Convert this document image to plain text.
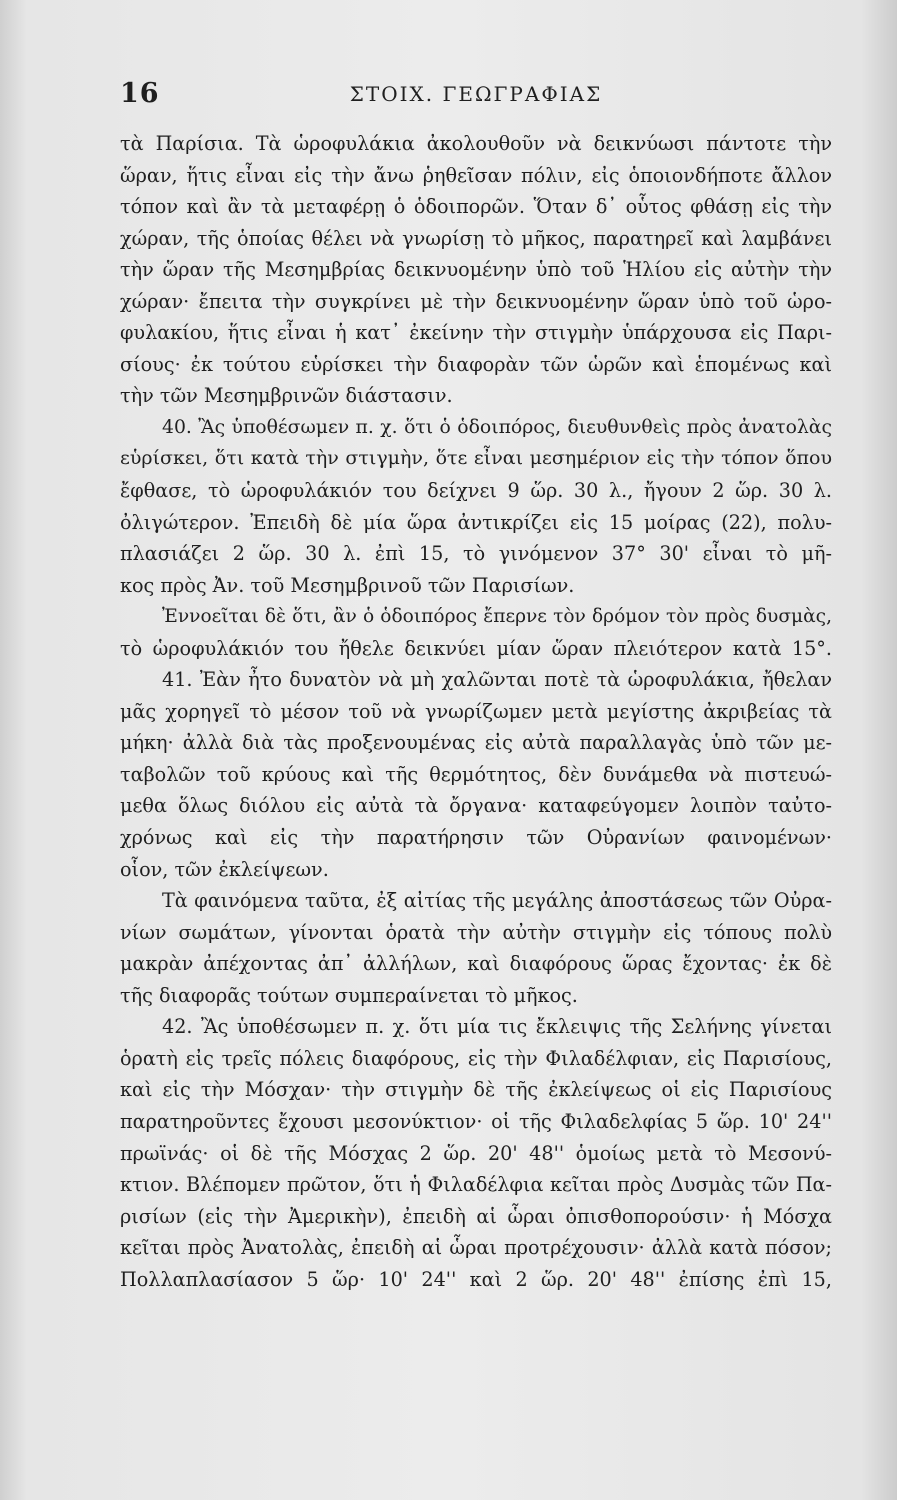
16	ΣΤΟΙΧ. ΓΕΩΓΡΑΦΙΑΣ
τὰ Παρίσια. Τὰ ὡροφυλάκια ἀκολουθοῦν νὰ δεικνύωσι πάντοτε τὴν
ὥραν, ἥτις εἶναι εἰς τὴν ἄνω ῥηθεῖσαν πόλιν, εἰς ὁποιονδήποτε ἄλλον
τόπον καὶ ἂν τὰ μεταφέρῃ ὁ ὁδοιπορῶν. Ὅταν δ᾽ οὗτος φθάσῃ εἰς τὴν
χώραν, τῆς ὁποίας θέλει νὰ γνωρίσῃ τὸ μῆκος, παρατηρεῖ καὶ λαμβάνει
τὴν ὥραν τῆς Μεσημβρίας δεικνυομένην ὑπὸ τοῦ Ἡλίου εἰς αὐτὴν τὴν
χώραν· ἔπειτα τὴν συγκρίνει μὲ τὴν δεικνυομένην ὥραν ὑπὸ τοῦ ὡρο-
φυλακίου, ἥτις εἶναι ἡ κατ᾽ ἐκείνην τὴν στιγμὴν ὑπάρχουσα εἰς Παρι-
σίους· ἐκ τούτου εὑρίσκει τὴν διαφορὰν τῶν ὡρῶν καὶ ἑπομένως καὶ
τὴν τῶν Μεσημβρινῶν διάστασιν.
40. Ἂς ὑποθέσωμεν π. χ. ὅτι ὁ ὁδοιπόρος, διευθυνθεὶς πρὸς ἀνατολὰς
εὑρίσκει, ὅτι κατὰ τὴν στιγμὴν, ὅτε εἶναι μεσημέριον εἰς τὴν τόπον ὅπου
ἔφθασε, τὸ ὡροφυλάκιόν του δείχνει 9 ὥρ. 30 λ., ἤγουν 2 ὥρ. 30 λ.
ὀλιγώτερον. Ἐπειδὴ δὲ μία ὥρα ἀντικρίζει εἰς 15 μοίρας (22), πολυ-
πλασιάζει 2 ὥρ. 30 λ. ἐπὶ 15, τὸ γινόμενον 37° 30' εἶναι τὸ μῆ-
κος πρὸς Ἀν. τοῦ Μεσημβρινοῦ τῶν Παρισίων.
Ἐννοεῖται δὲ ὅτι, ἂν ὁ ὁδοιπόρος ἔπερνε τὸν δρόμον τὸν πρὸς δυσμὰς,
τὸ ὡροφυλάκιόν του ἤθελε δεικνύει μίαν ὥραν πλειότερον κατὰ 15°.
41. Ἐὰν ἦτο δυνατὸν νὰ μὴ χαλῶνται ποτὲ τὰ ὡροφυλάκια, ἤθελαν
μᾶς χορηγεῖ τὸ μέσον τοῦ νὰ γνωρίζωμεν μετὰ μεγίστης ἀκριβείας τὰ
μήκη· ἀλλὰ διὰ τὰς προξενουμένας εἰς αὐτὰ παραλλαγὰς ὑπὸ τῶν με-
ταβολῶν τοῦ κρύους καὶ τῆς θερμότητος, δὲν δυνάμεθα νὰ πιστευώ-
μεθα ὅλως διόλου εἰς αὐτὰ τὰ ὄργανα· καταφεύγομεν λοιπὸν ταὐτο-
χρόνως καὶ εἰς τὴν παρατήρησιν τῶν Οὐρανίων φαινομένων·
οἷον, τῶν ἐκλείψεων.
Τὰ φαινόμενα ταῦτα, ἐξ αἰτίας τῆς μεγάλης ἀποστάσεως τῶν Οὐρα-
νίων σωμάτων, γίνονται ὁρατὰ τὴν αὐτὴν στιγμὴν εἰς τόπους πολὺ
μακρὰν ἀπέχοντας ἀπ᾽ ἀλλήλων, καὶ διαφόρους ὥρας ἔχοντας· ἐκ δὲ
τῆς διαφορᾶς τούτων συμπεραίνεται τὸ μῆκος.
42. Ἂς ὑποθέσωμεν π. χ. ὅτι μία τις ἔκλειψις τῆς Σελήνης γίνεται
ὁρατὴ εἰς τρεῖς πόλεις διαφόρους, εἰς τὴν Φιλαδέλφιαν, εἰς Παρισίους,
καὶ εἰς τὴν Μόσχαν· τὴν στιγμὴν δὲ τῆς ἐκλείψεως οἱ εἰς Παρισίους
παρατηροῦντες ἔχουσι μεσονύκτιον· οἱ τῆς Φιλαδελφίας 5 ὥρ. 10' 24''
πρωϊνάς· οἱ δὲ τῆς Μόσχας 2 ὥρ. 20' 48'' ὁμοίως μετὰ τὸ Μεσονύ-
κτιον. Βλέπομεν πρῶτον, ὅτι ἡ Φιλαδέλφια κεῖται πρὸς Δυσμὰς τῶν Πα-
ρισίων (εἰς τὴν Ἀμερικὴν), ἐπειδὴ αἱ ὧραι ὀπισθοπορούσιν· ἡ Μόσχα
κεῖται πρὸς Ἀνατολὰς, ἐπειδὴ αἱ ὧραι προτρέχουσιν· ἀλλὰ κατὰ πόσον;
Πολλαπλασίασον 5 ὥρ· 10' 24'' καὶ 2 ὥρ. 20' 48'' ἐπίσης ἐπὶ 15,
